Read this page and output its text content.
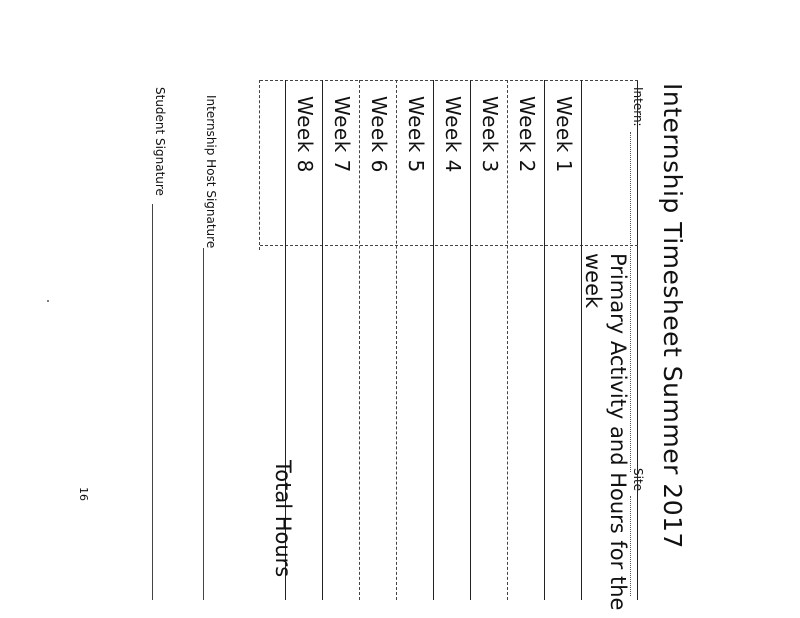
Internship Timesheet Summer 2017
Intern:
Site
Primary Activity and Hours for the week
Week 1
Week 2
Week 3
Week 4
Week 5
Week 6
Week 7
Week 8
Total Hours
Internship Host Signature
Student Signature
16
